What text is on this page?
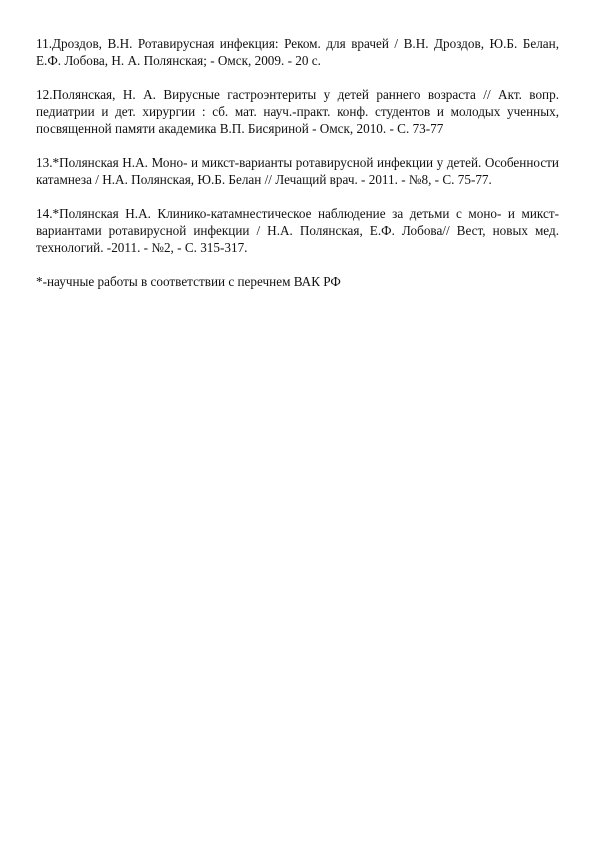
11.Дроздов, В.Н. Ротавирусная инфекция: Реком. для врачей / В.Н. Дроздов, Ю.Б. Белан, Е.Ф. Лобова, Н. А. Полянская; - Омск, 2009. - 20 с.

12.Полянская, Н. А. Вирусные гастроэнтериты у детей раннего возраста // Акт. вопр. педиатрии и дет. хирургии : сб. мат. науч.-практ. конф. студентов и молодых ученных, посвященной памяти академика В.П. Бисяриной - Омск, 2010. - С. 73-77

13.*Полянская Н.А. Моно- и микст-варианты ротавирусной инфекции у детей. Особенности катамнеза / Н.А. Полянская, Ю.Б. Белан // Лечащий врач. - 2011. - №8, - С. 75-77.

14.*Полянская Н.А. Клинико-катамнестическое наблюдение за детьми с моно- и микст-вариантами ротавирусной инфекции / Н.А. Полянская, Е.Ф. Лобова// Вест, новых мед. технологий. -2011. - №2, - С. 315-317.

*-научные работы в соответствии с перечнем ВАК РФ
